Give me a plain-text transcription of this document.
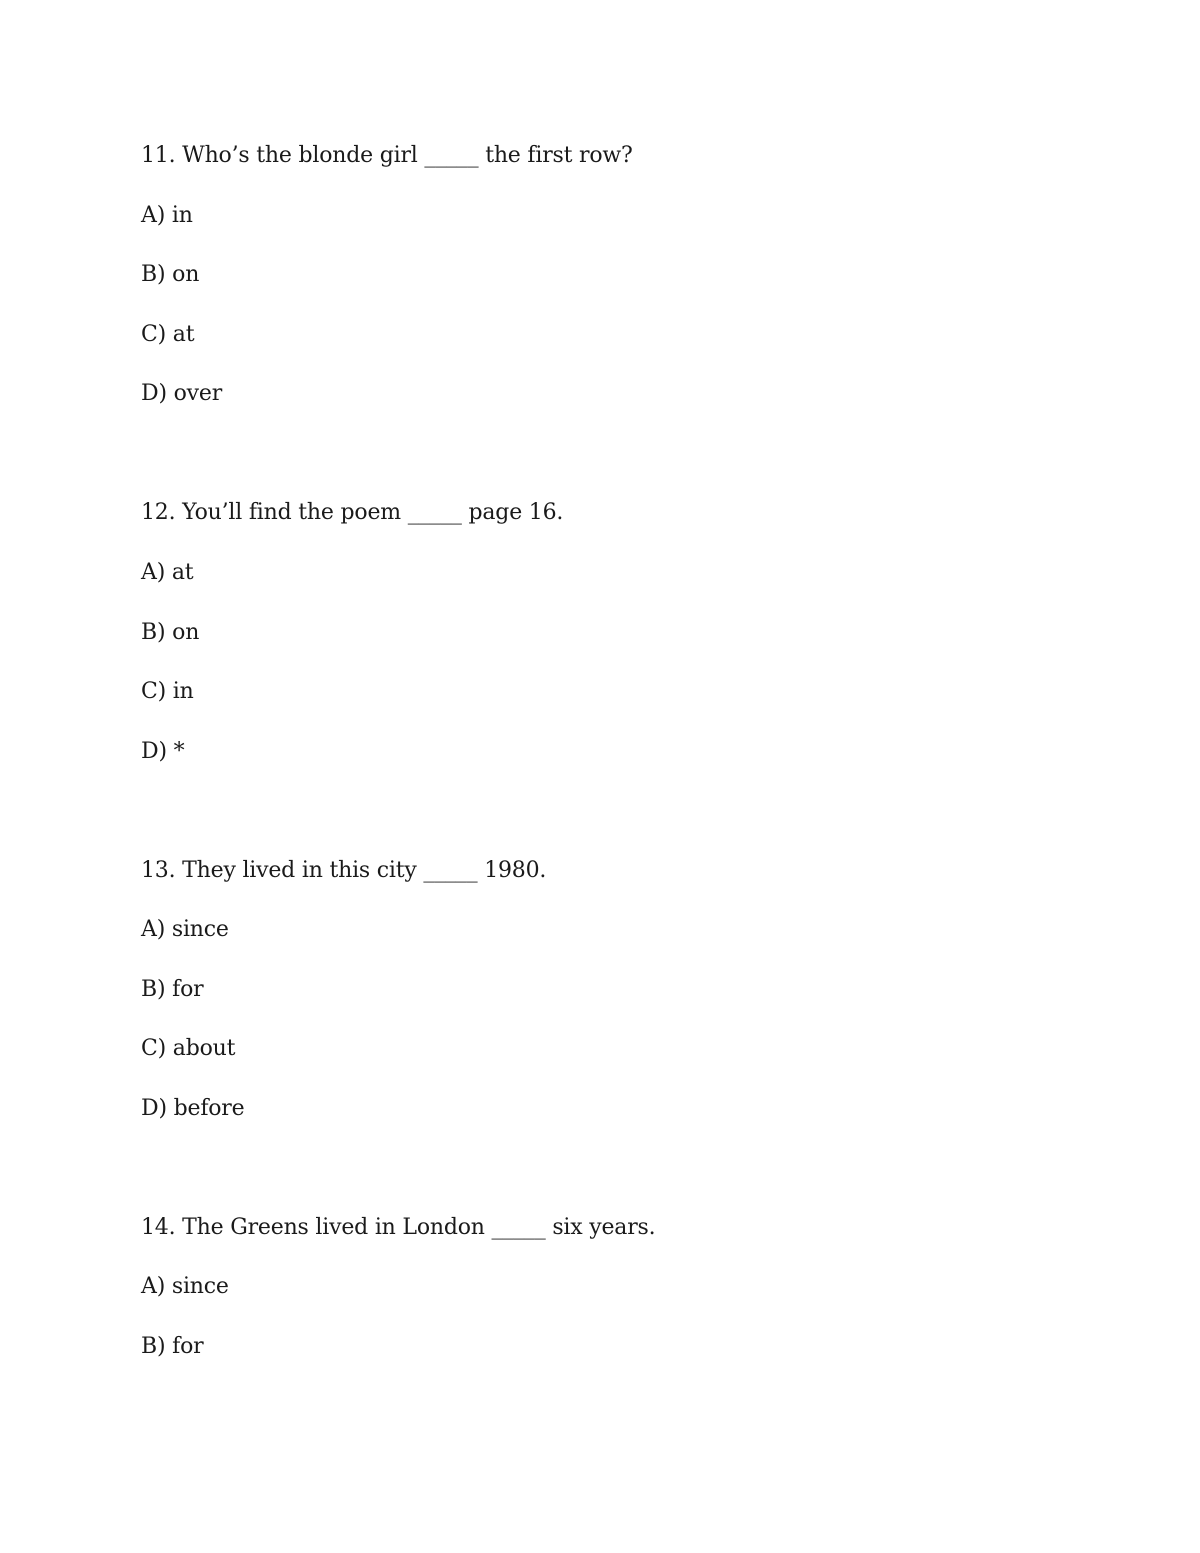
11. Who’s the blonde girl _____ the first row?
A) in
B) on
C) at
D) over
12. You’ll find the poem _____ page 16.
A) at
B) on
C) in
D) *
13. They lived in this city _____ 1980.
A) since
B) for
C) about
D) before
14. The Greens lived in London _____ six years.
A) since
B) for
